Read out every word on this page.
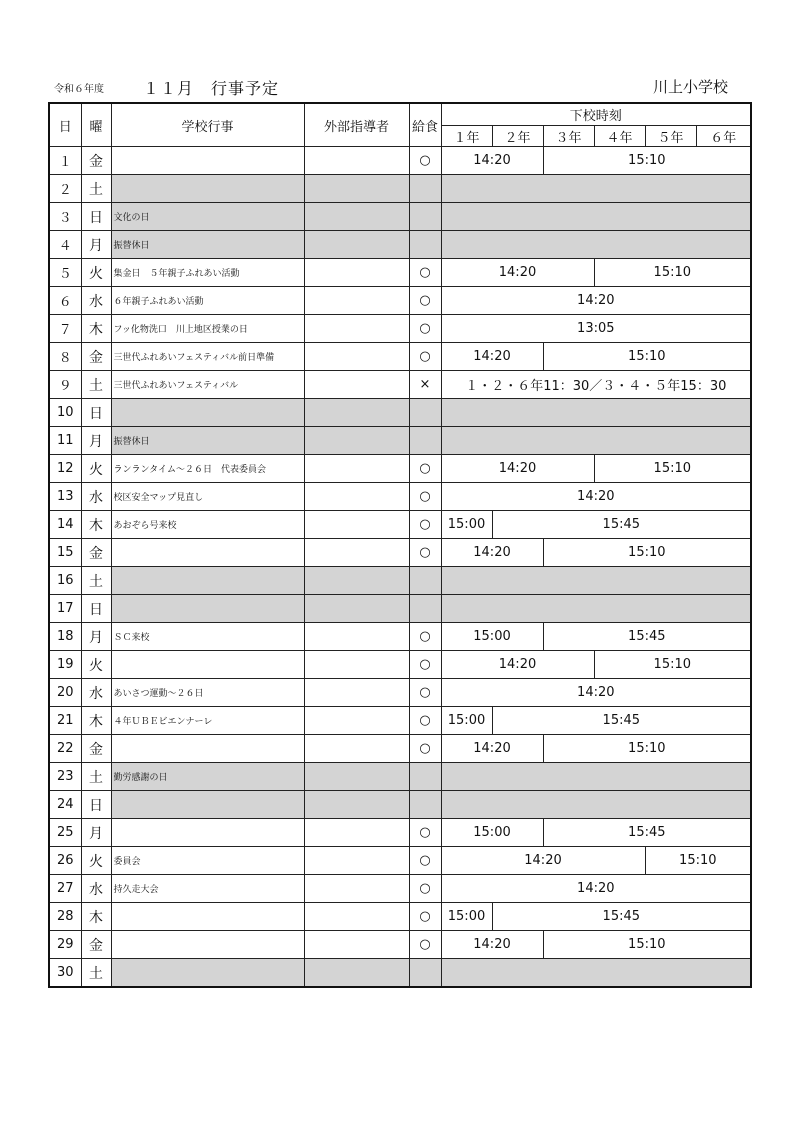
令和６年度 １１月　行事予定	川上小学校
日	曜	学校行事	外部指導者	給食	下校時刻					
					１年	２年	３年	４年	５年	６年
１	金			○	14:20		15:10			
２	土									
３	日	文化の日								
４	月	振替休日								
５	火	集金日　５年親子ふれあい活動		○	14:20			15:10		
６	水	６年親子ふれあい活動		○	14:20					
７	木	フッ化物洗口　川上地区授業の日		○	13:05					
８	金	三世代ふれあいフェスティバル前日準備		○	14:20		15:10			
９	土	三世代ふれあいフェスティバル		×	１・２・６年11：30／３・４・５年15：30					
10	日									
11	月	振替休日								
12	火	ランランタイム～２６日　代表委員会		○	14:20			15:10		
13	水	校区安全マップ見直し		○	14:20					
14	木	あおぞら号来校		○	15:00	15:45				
15	金			○	14:20		15:10			
16	土									
17	日									
18	月	ＳＣ来校		○	15:00		15:45			
19	火			○	14:20			15:10		
20	水	あいさつ運動～２６日		○	14:20					
21	木	４年ＵＢＥビエンナーレ		○	15:00	15:45				
22	金			○	14:20		15:10			
23	土	勤労感謝の日								
24	日									
25	月			○	15:00		15:45			
26	火	委員会		○	14:20				15:10	
27	水	持久走大会		○	14:20					
28	木			○	15:00	15:45				
29	金			○	14:20		15:10			
30	土									
